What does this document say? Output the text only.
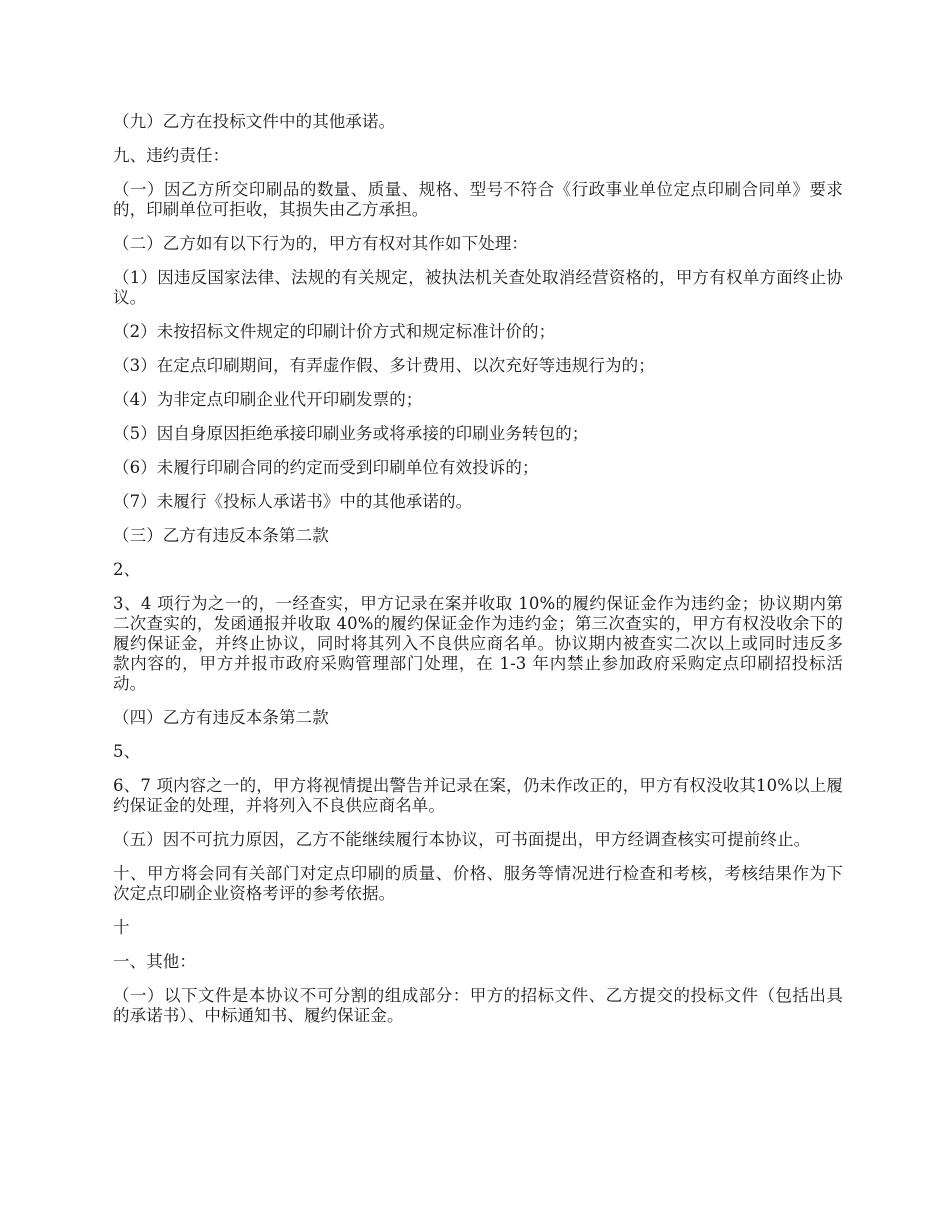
（九）乙方在投标文件中的其他承诺。

九、违约责任：

（一）因乙方所交印刷品的数量、质量、规格、型号不符合《行政事业单位定点印刷合同单》要求的，印刷单位可拒收，其损失由乙方承担。

（二）乙方如有以下行为的，甲方有权对其作如下处理：

（1）因违反国家法律、法规的有关规定，被执法机关查处取消经营资格的，甲方有权单方面终止协议。

（2）未按招标文件规定的印刷计价方式和规定标准计价的；

（3）在定点印刷期间，有弄虚作假、多计费用、以次充好等违规行为的；

（4）为非定点印刷企业代开印刷发票的；

（5）因自身原因拒绝承接印刷业务或将承接的印刷业务转包的；

（6）未履行印刷合同的约定而受到印刷单位有效投诉的；

（7）未履行《投标人承诺书》中的其他承诺的。

（三）乙方有违反本条第二款

2、

3、4 项行为之一的，一经查实，甲方记录在案并收取 10%的履约保证金作为违约金；协议期内第二次查实的，发函通报并收取 40%的履约保证金作为违约金；第三次查实的，甲方有权没收余下的履约保证金，并终止协议，同时将其列入不良供应商名单。协议期内被查实二次以上或同时违反多款内容的，甲方并报市政府采购管理部门处理，在 1-3 年内禁止参加政府采购定点印刷招投标活动。

（四）乙方有违反本条第二款

5、

6、7 项内容之一的，甲方将视情提出警告并记录在案，仍未作改正的，甲方有权没收其10%以上履约保证金的处理，并将列入不良供应商名单。

（五）因不可抗力原因，乙方不能继续履行本协议，可书面提出，甲方经调查核实可提前终止。

十、甲方将会同有关部门对定点印刷的质量、价格、服务等情况进行检查和考核，考核结果作为下次定点印刷企业资格考评的参考依据。

十

一、其他：

（一）以下文件是本协议不可分割的组成部分：甲方的招标文件、乙方提交的投标文件（包括出具的承诺书）、中标通知书、履约保证金。
